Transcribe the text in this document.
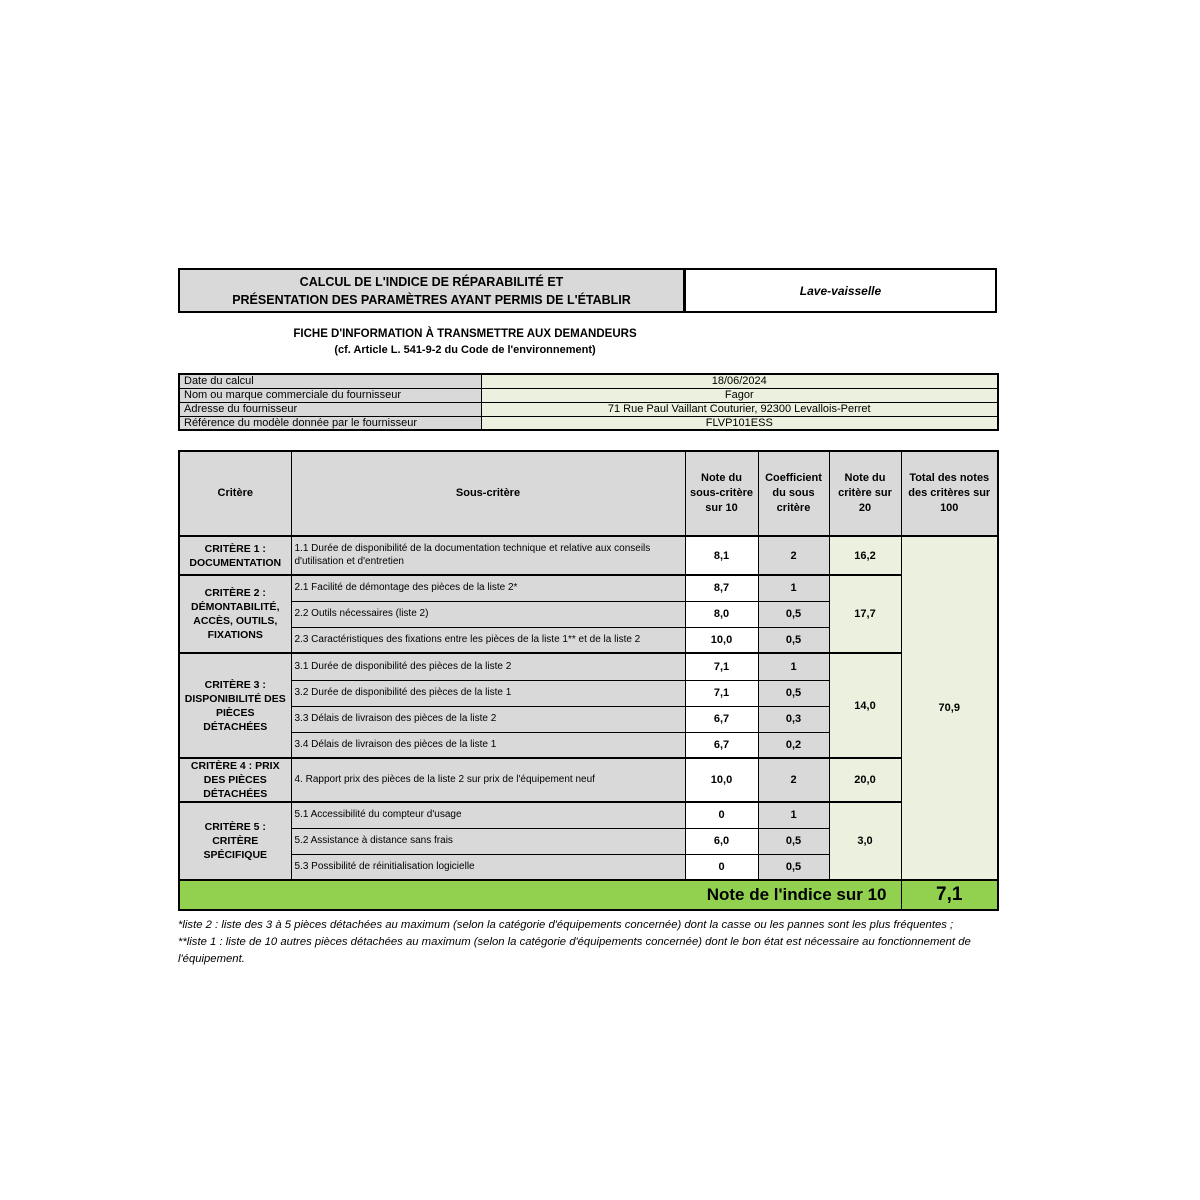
CALCUL DE L'INDICE DE RÉPARABILITÉ ET
PRÉSENTATION DES PARAMÈTRES AYANT PERMIS DE L'ÉTABLIR
Lave-vaisselle
FICHE D'INFORMATION À TRANSMETTRE AUX DEMANDEURS
(cf. Article L. 541-9-2 du Code de l'environnement)
Date du calcul	18/06/2024
Nom ou marque commerciale du fournisseur	Fagor
Adresse du fournisseur	71 Rue Paul Vaillant Couturier, 92300 Levallois-Perret
Référence du modèle donnée par le fournisseur	FLVP101ESS
Critère	Sous-critère	Note du sous-critère sur 10	Coefficient du sous critère	Note du critère sur 20	Total des notes des critères sur 100
CRITÈRE 1 : DOCUMENTATION	1.1 Durée de disponibilité de la documentation technique et relative aux conseils d'utilisation et d'entretien	8,1	2	16,2	70,9
CRITÈRE 2 : DÉMONTABILITÉ, ACCÈS, OUTILS, FIXATIONS	2.1 Facilité de démontage des pièces de la liste 2*	8,7	1	17,7	
	2.2 Outils nécessaires (liste 2)	8,0	0,5		
	2.3 Caractéristiques des fixations entre les pièces de la liste 1** et de la liste 2	10,0	0,5		
CRITÈRE 3 : DISPONIBILITÉ DES PIÈCES DÉTACHÉES	3.1 Durée de disponibilité des pièces de la liste 2	7,1	1	14,0	
	3.2 Durée de disponibilité des pièces de la liste 1	7,1	0,5		
	3.3 Délais de livraison des pièces de la liste 2	6,7	0,3		
	3.4 Délais de livraison des pièces de la liste 1	6,7	0,2		
CRITÈRE 4 : PRIX DES PIÈCES DÉTACHÉES	4. Rapport prix des pièces de la liste 2 sur prix de l'équipement neuf	10,0	2	20,0	
CRITÈRE 5 : CRITÈRE SPÉCIFIQUE	5.1 Accessibilité du compteur d'usage	0	1	3,0	
	5.2 Assistance à distance sans frais	6,0	0,5		
	5.3 Possibilité de réinitialisation logicielle	0	0,5		
Note de l'indice sur 10					7,1

*liste 2 : liste des 3 à 5 pièces détachées au maximum (selon la catégorie d'équipements concernée) dont la casse ou les pannes sont les plus fréquentes ;

**liste 1 : liste de 10 autres pièces détachées au maximum (selon la catégorie d'équipements concernée) dont le bon état est nécessaire au fonctionnement de l'équipement.
